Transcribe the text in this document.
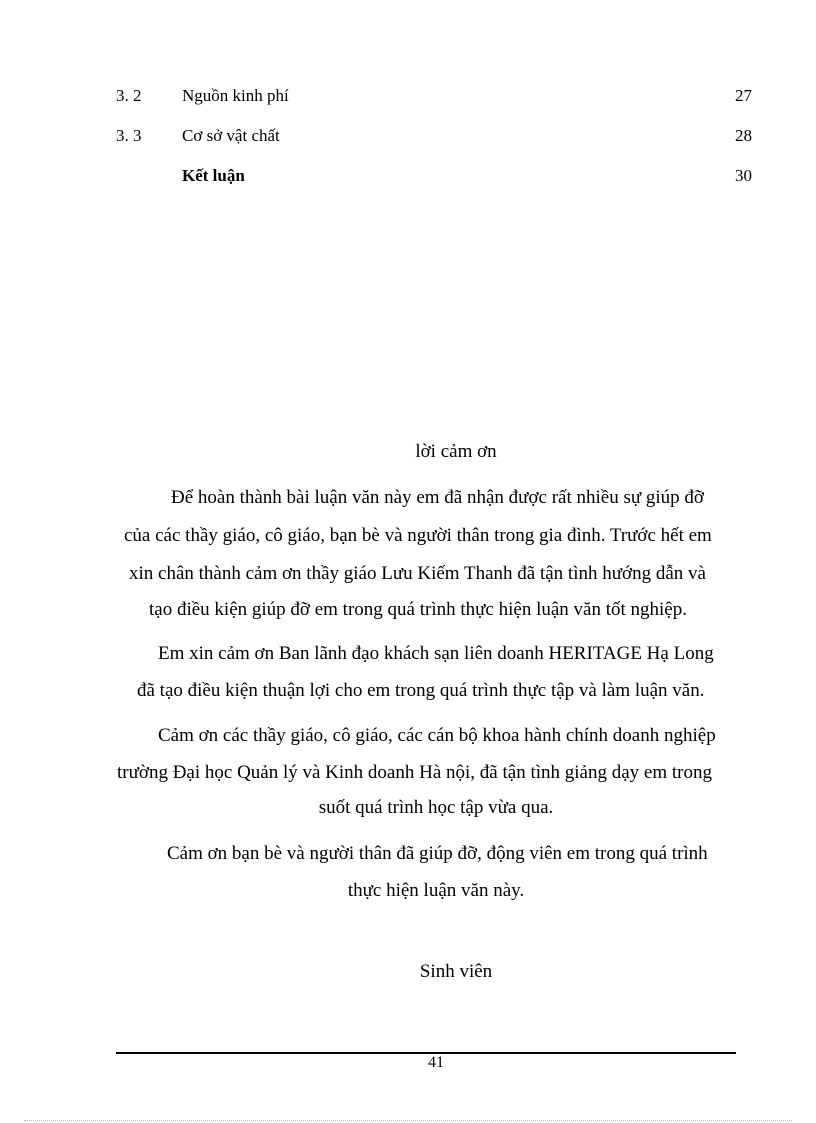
3. 2 Nguồn kinh phí	27
3. 3 Cơ sở vật chất	28
Kết luận	30
lời cảm ơn
Để hoàn thành bài luận văn này em đã nhận được rất nhiều sự giúp đỡ
của các thầy giáo, cô giáo, bạn bè và người thân trong gia đình. Trước hết em
xin chân thành cảm ơn thầy giáo Lưu Kiếm Thanh đã tận tình hướng dẫn và
tạo điều kiện giúp đỡ em trong quá trình thực hiện luận văn tốt nghiệp.
Em xin cảm ơn Ban lãnh đạo khách sạn liên doanh HERITAGE Hạ Long
đã tạo điều kiện thuận lợi cho em trong quá trình thực tập và làm luận văn.
Cảm ơn các thầy giáo, cô giáo, các cán bộ khoa hành chính doanh nghiệp
trường Đại học Quản lý và Kinh doanh Hà nội, đã tận tình giảng dạy em trong
suốt quá trình học tập vừa qua.
Cảm ơn bạn bè và người thân đã giúp đỡ, động viên em trong quá trình
thực hiện luận văn này.
Sinh viên
41
